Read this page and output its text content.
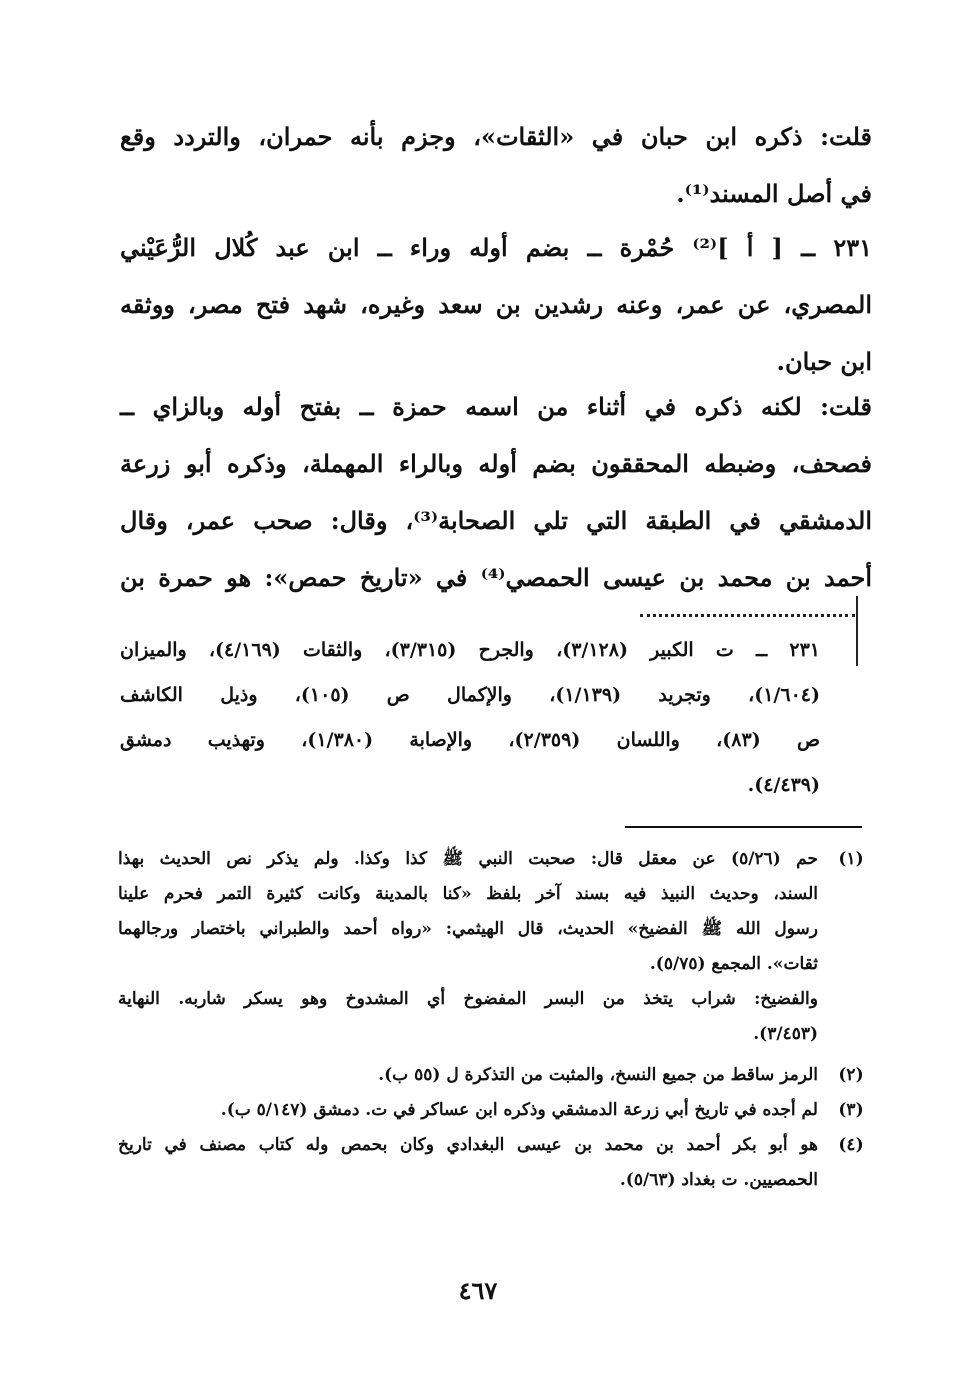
قلت: ذكره ابن حبان في «الثقات»، وجزم بأنه حمران، والتردد وقع
في أصل المسند⁽¹⁾.
٢٣١ ــ [ أ ]⁽²⁾ حُمْرة ــ بضم أوله وراء ــ ابن عبد كُلال الرُّعَيْني
المصري، عن عمر، وعنه رشدين بن سعد وغيره، شهد فتح مصر، ووثقه
ابن حبان.
قلت: لكنه ذكره في أثناء من اسمه حمزة ــ بفتح أوله وبالزاي ــ
فصحف، وضبطه المحققون بضم أوله وبالراء المهملة، وذكره أبو زرعة
الدمشقي في الطبقة التي تلي الصحابة⁽³⁾، وقال: صحب عمر، وقال
أحمد بن محمد بن عيسى الحمصي⁽⁴⁾ في «تاريخ حمص»: هو حمرة بن
٢٣١ ــ ت الكبير (٣/١٢٨)، والجرح (٣/٣١٥)، والثقات (٤/١٦٩)، والميزان
(١/٦٠٤)، وتجريد (١/١٣٩)، والإكمال ص (١٠٥)، وذيل الكاشف
ص (٨٣)، واللسان (٢/٣٥٩)، والإصابة (١/٣٨٠)، وتهذيب دمشق
(٤/٤٣٩).
(١)
حم (٥/٢٦) عن معقل قال: صحبت النبي ﷺ كذا وكذا. ولم يذكر نص الحديث بهذا
السند، وحديث النبيذ فيه بسند آخر بلفظ «كنا بالمدينة وكانت كثيرة التمر فحرم علينا
رسول الله ﷺ الفضيخ» الحديث، قال الهيثمي: «رواه أحمد والطبراني باختصار ورجالهما
ثقات». المجمع (٥/٧٥).
والفضيخ: شراب يتخذ من البسر المفضوخ أي المشدوخ وهو يسكر شاربه. النهاية
(٣/٤٥٣).
(٢)
الرمز ساقط من جميع النسخ، والمثبت من التذكرة ل (٥٥ ب).
(٣)
لم أجده في تاريخ أبي زرعة الدمشقي وذكره ابن عساكر في ت. دمشق (٥/١٤٧ ب).
(٤)
هو أبو بكر أحمد بن محمد بن عيسى البغدادي وكان بحمص وله كتاب مصنف في تاريخ
الحمصيين. ت بغداد (٥/٦٣).
٤٦٧
